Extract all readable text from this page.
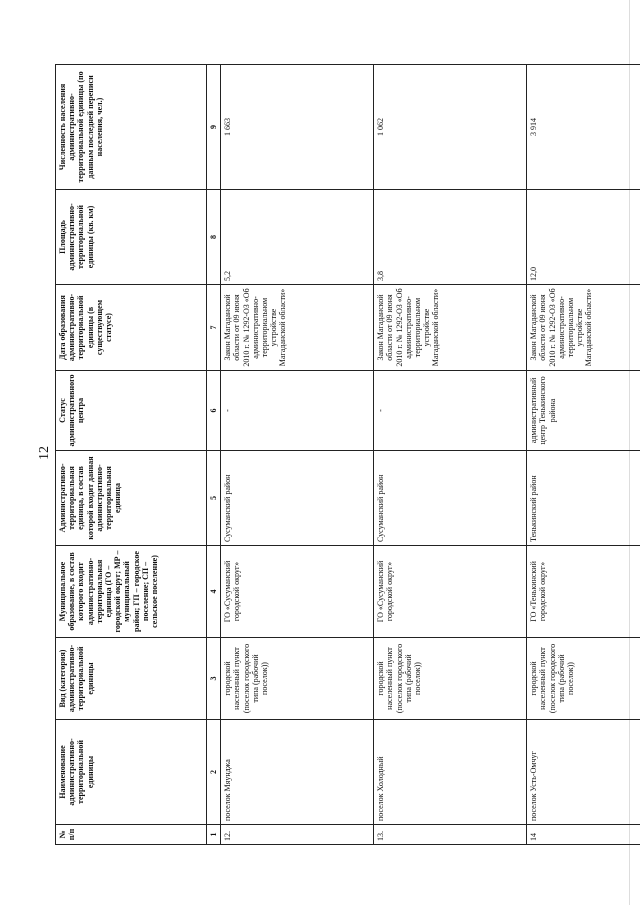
12
№ п/п	Наименование административно-территориальной единицы	Вид (категория) административно-территориальной единицы	Муниципальное образование, в состав которого входит административно-территориальная единица (ГО – городской округ; МР – муниципальный район; ГП – городское поселение; СП – сельское поселение)	Административно-территориальная единица, в состав которой входит данная административно-территориальная единица	Статус административного центра	Дата образования административно-территориальной единицы (в существующем статусе)	Площадь административно-территориальной единицы (кв. км)	Численность населения административно-территориальной единицы (по данным последней переписи населения, чел.)
1	2	3	4	5	6	7	8	9
12.	поселок Мяунджа	городской населенный пункт (поселок городского типа (рабочий поселок))	ГО «Сусуманский городской округ»	Сусуманский район	-	Закон Магаданской области от 09 июня 2010 г. № 1292-ОЗ «Об административно-территориальном устройстве Магаданской области»	5,2	1 663
13.	поселок Холодный	городской населенный пункт (поселок городского типа (рабочий поселок))	ГО «Сусуманский городской округ»	Сусуманский район	-	Закон Магаданской области от 09 июня 2010 г. № 1292-ОЗ «Об административно-территориальном устройстве Магаданской области»	3,8	1 062
14	поселок Усть-Омчуг	городской населенный пункт (поселок городского типа (рабочий поселок))	ГО «Тенькинский городской округ»	Тенькинский район	административный центр Тенькинского района	Закон Магаданской области от 09 июня 2010 г. № 1292-ОЗ «Об административно-территориальном устройстве Магаданской области»	12,0	3 914
